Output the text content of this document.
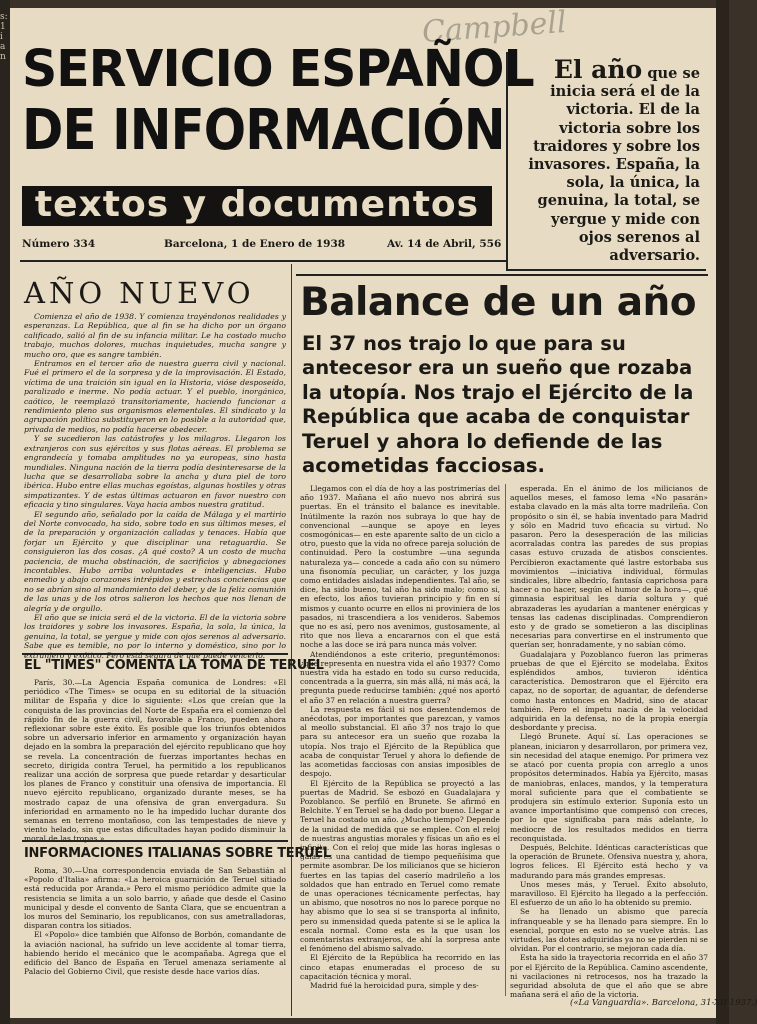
s: 1 i an
Campbell
SERVICIO ESPAÑOL
DE INFORMACIÓN
textos y documentos
El año que se inicia será el de la victoria. El de la victoria sobre los traidores y sobre los invasores. España, la sola, la única, la genuina, la total, se yergue y mide con ojos serenos al adversario.
Número 334	Barcelona, 1 de Enero de 1938	Av. 14 de Abril, 556
AÑO NUEVO

Comienza el año de 1938. Y comienza trayéndonos realidades y esperanzas. La República, que al fin se ha dicho por un órgano calificado, salió al fin de su infancia militar. Le ha costado mucho trabajo, muchos dolores, muchas inquietudes, mucha sangre y mucho oro, que es sangre también.

Entramos en el tercer año de nuestra guerra civil y nacional. Fué el primero el de la sorpresa y de la improvisación. El Estado, víctima de una traición sin igual en la Historia, vióse desposeído, paralizado e inerme. No podía actuar. Y el pueblo, inorgánico, caótico, le reemplazó transitoriamente, haciendo funcionar a rendimiento pleno sus organismos elementales. El sindicato y la agrupación política substituyeron en lo posible a la autoridad que, privada de medios, no podía hacerse obedecer.

Y se sucedieron las catástrofes y los milagros. Llegaron los extranjeros con sus ejércitos y sus flotas aéreas. El problema se engrandecía y tomaba amplitudes no ya europeas, sino hasta mundiales. Ninguna nación de la tierra podía desinteresarse de la lucha que se desarrollaba sobre la ancha y dura piel de toro ibérica. Hubo entre ellas muchas egoístas, algunas hostiles y otras simpatizantes. Y de estas últimas actuaron en favor nuestro con eficacia y tino singulares. Vaya hacia ambos nuestra gratitud.

El segundo año, señalado por la caída de Málaga y el martirio del Norte convocado, ha sido, sobre todo en sus últimos meses, el de la preparación y organización calladas y tenaces. Había que forjar un Ejército y que disciplinar una retaguardia. Se consiguieron las dos cosas. ¿A qué costo? A un costo de mucha paciencia, de mucha obstinación, de sacrificios y abnegaciones incontables. Hubo arriba voluntades e inteligencias. Hubo enmedio y abajo corazones intrépidos y estrechas conciencias que no se abrían sino al mandamiento del deber, y de la feliz comunión de las unas y de los otros salieron los hechos que nos llenan de alegría y de orgullo.

El año que se inicia será el de la victoria. El de la victoria sobre los traidores y sobre los invasores. España, la sola, la única, la genuina, la total, se yergue y mide con ojos serenos al adversario. Sabe que es temible, no por lo interno y doméstico, sino por lo extranjero y exótico. Pero está segura de que puede vencerlo.

EL "TIMES" COMENTA LA TOMA DE TERUEL

París, 30.—La Agencia España comunica de Londres: «El periódico «The Times» se ocupa en su editorial de la situación militar de España y dice lo siguiente: «Los que creían que la conquista de las provincias del Norte de España era el comienzo del rápido fin de la guerra civil, favorable a Franco, pueden ahora reflexionar sobre este éxito. Es posible que los triunfos obtenidos sobre un adversario inferior en armamento y organización hayan dejado en la sombra la preparación del ejército republicano que hoy se revela. La concentración de fuerzas importantes hechas en secreto, dirigida contra Teruel, ha permitido a los republicanos realizar una acción de sorpresa que puede retardar y desarticular los planes de Franco y constituir una ofensiva de importancia. El nuevo ejército republicano, organizado durante meses, se ha mostrado capaz de una ofensiva de gran envergadura. Su inferioridad en armamento no le ha impedido luchar durante dos semanas en terreno montañoso, con las tempestades de nieve y viento helado, sin que estas dificultades hayan podido disminuir la moral de las tropas.»

INFORMACIONES ITALIANAS SOBRE TERUEL

Roma, 30.—Una correspondencia enviada de San Sebastián al «Popolo d'Italia» afirma: «La heroica guarnición de Teruel sitiado está reducida por Aranda.» Pero el mismo periódico admite que la resistencia se limita a un solo barrio, y añade que desde el Casino municipal y desde el convento de Santa Clara, que se encuentran a los muros del Seminario, los republicanos, con sus ametralladoras, disparan contra los sitiados.

El «Popolo» dice también que Alfonso de Borbón, comandante de la aviación nacional, ha sufrido un leve accidente al tomar tierra, habiendo herido el mecánico que le acompañaba. Agrega que el edificio del Banco de España en Teruel amenaza seriamente al Palacio del Gobierno Civil, que resiste desde hace varios días.

Balance de un año
El 37 nos trajo lo que para su antecesor era un sueño que rozaba la utopía. Nos trajo el Ejército de la República que acaba de conquistar Teruel y ahora lo defiende de las acometidas facciosas.

Llegamos con el día de hoy a las postrimerías del año 1937. Mañana el año nuevo nos abrirá sus puertas. En el tránsito el balance es inevitable. Inútilmente la razón nos subraya lo que hay de convencional —aunque se apoye en leyes cosmogónicas— en este aparente salto de un ciclo a otro, puesto que la vida no ofrece pareja solución de continuidad. Pero la costumbre —una segunda naturaleza ya— concede a cada año con su número una fisonomía peculiar, un carácter, y los juzga como entidades aisladas independientes. Tal año, se dice, ha sido bueno, tal año ha sido malo; como si, en efecto, los años tuvieran principio y fin en sí mismos y cuanto ocurre en ellos ni proviniera de los pasados, ni trascendiera a los venideros. Sabemos que no es así, pero nos avenimos, gustosamente, al rito que nos lleva a encararnos con el que está noche a las doce se irá para nunca más volver.

Atendiéndonos a este criterio, preguntémonos: ¿qué representa en nuestra vida el año 1937? Como nuestra vida ha estado en todo su curso reducida, concentrada a la guerra, sin más allá, ni más acá, la pregunta puede reducirse también: ¿qué nos aportó el año 37 en relación a nuestra guerra?

La respuesta es fácil si nos desentendemos de anécdotas, por importantes que parezcan, y vamos al meollo substancial. El año 37 nos trajo lo que para su antecesor era un sueño que rozaba la utopía. Nos trajo el Ejército de la República que acaba de conquistar Teruel y ahora lo defiende de las acometidas facciosas con ansias imposibles de despojo.

El Ejército de la República se proyectó a las puertas de Madrid. Se esbozó en Guadalajara y Pozoblanco. Se perfiló en Brunete. Se afirmó en Belchite. Y en Teruel se ha dado por bueno. Llegar a Teruel ha costado un año. ¿Mucho tiempo? Depende de la unidad de medida que se emplee. Con el reloj de nuestras angustias morales y físicas un año es el infinito. Con el reloj que mide las horas inglesas o galas es una cantidad de tiempo pequeñísima que permite asombrar. De los milicianos que se hicieron fuertes en las tapias del caserío madrileño a los soldados que han entrado en Teruel como remate de unas operaciones técnicamente perfectas, hay un abismo, que nosotros no nos lo parece porque no hay abismo que lo sea si se transporta al infinito, pero su inmensidad queda patente si se le aplica la escala normal. Como esta es la que usan los comentaristas extranjeros, de ahí la sorpresa ante el fenómeno del abismo salvado.

El Ejército de la República ha recorrido en las cinco etapas enumeradas el proceso de su capacitación técnica y moral.

Madrid fué la heroicidad pura, simple y des-

esperada. En el ánimo de los milicianos de aquellos meses, el famoso lema «No pasarán» estaba clavado en la más alta torre madrileña. Con propósito o sin él, se había inventado para Madrid y sólo en Madrid tuvo eficacia su virtud. No pasaron. Pero la desesperación de las milicias acorraladas contra las paredes de sus propias casas estuvo cruzada de atisbos conscientes. Percibieron exactamente qué lastre estorbaba sus movimientos —iniciativa individual, fórmulas sindicales, libre albedrío, fantasía caprichosa para hacer o no hacer, según el humor de la hora—, qué gimnasia espiritual les daría soltura y qué abrazaderas les ayudarían a mantener enérgicas y tensas las cadenas disciplinadas. Comprendieron esto y de grado se sometieron a las disciplinas necesarias para convertirse en el instrumento que querían ser, honradamente, y no sabían cómo.

Guadalajara y Pozoblanco fueron las primeras pruebas de que el Ejército se modelaba. Éxitos espléndidos ambos, tuvieron idéntica característica. Demostraron que el Ejército era capaz, no de soportar, de aguantar, de defenderse como hasta entonces en Madrid, sino de atacar también. Pero el ímpetu nacía de la velocidad adquirida en la defensa, no de la propia energía desbordante y precisa.

Llegó Brunete. Aquí sí. Las operaciones se planean, iniciaron y desarrollaron, por primera vez, sin necesidad del ataque enemigo. Por primera vez se atacó por cuenta propia con arreglo a unos propósitos determinados. Había ya Ejército, masas de maniobras, enlaces, mandos, y la temperatura moral suficiente para que el combatiente se produjera sin estímulo exterior. Suponía esto un avance importantísimo que compensó con creces, por lo que significaba para más adelante, lo mediocre de los resultados medidos en tierra reconquistada.

Después, Belchite. Idénticas características que la operación de Brunete. Ofensiva nuestra y, ahora, logros felices. El Ejército está hecho y va madurando para más grandes empresas.

Unos meses más, y Teruel. Éxito absoluto, maravilloso. El Ejército ha llegado a la perfección. El esfuerzo de un año lo ha obtenido su premio.

Se ha llenado un abismo que parecía infranqueable y se ha llenado para siempre. En lo esencial, porque en esto no se vuelve atrás. Las virtudes, las dotes adquiridas ya no se pierden ni se olvidan. Por el contrario, se mejoran cada día.

Esta ha sido la trayectoria recorrida en el año 37 por el Ejército de la República. Camino ascendente, ni vacilaciones ni retrocesos, nos ha trazado la seguridad absoluta de que el año que se abre mañana será el año de la victoria.

(«La Vanguardia». Barcelona, 31-XII-1937.)
